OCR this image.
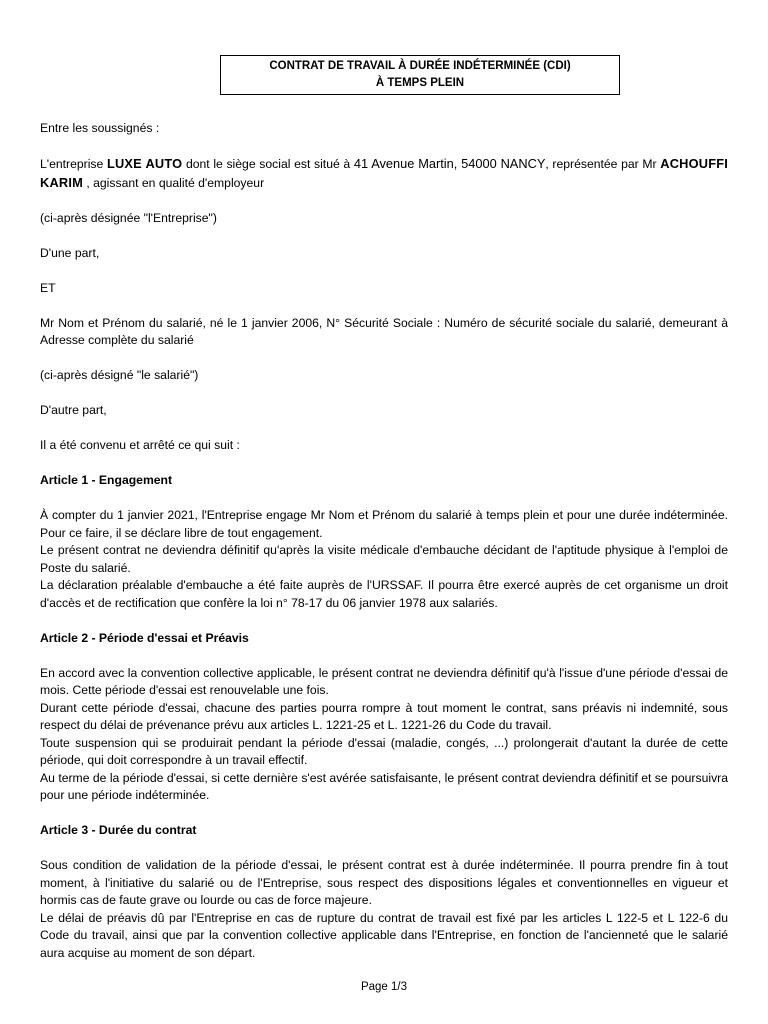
CONTRAT DE TRAVAIL À DURÉE INDÉTERMINÉE (CDI)
À TEMPS PLEIN

Entre les soussignés :

L'entreprise LUXE AUTO dont le siège social est situé à 41 Avenue Martin, 54000 NANCY, représentée par Mr ACHOUFFI KARIM , agissant en qualité d'employeur

(ci-après désignée "l'Entreprise")

D'une part,

ET

Mr Nom et Prénom du salarié, né le 1 janvier 2006, N° Sécurité Sociale : Numéro de sécurité sociale du salarié, demeurant à Adresse complète du salarié

(ci-après désigné "le salarié")

D'autre part,

Il a été convenu et arrêté ce qui suit :

Article 1 - Engagement

À compter du 1 janvier 2021, l'Entreprise engage Mr Nom et Prénom du salarié à temps plein et pour une durée indéterminée. Pour ce faire, il se déclare libre de tout engagement.

Le présent contrat ne deviendra définitif qu'après la visite médicale d'embauche décidant de l'aptitude physique à l'emploi de Poste du salarié.

La déclaration préalable d'embauche a été faite auprès de l'URSSAF. Il pourra être exercé auprès de cet organisme un droit d'accès et de rectification que confère la loi n° 78-17 du 06 janvier 1978 aux salariés.

Article 2 - Période d'essai et Préavis

En accord avec la convention collective applicable, le présent contrat ne deviendra définitif qu'à l'issue d'une période d'essai de mois. Cette période d'essai est renouvelable une fois.

Durant cette période d'essai, chacune des parties pourra rompre à tout moment le contrat, sans préavis ni indemnité, sous respect du délai de prévenance prévu aux articles L. 1221-25 et L. 1221-26 du Code du travail.

Toute suspension qui se produirait pendant la période d'essai (maladie, congés, ...) prolongerait d'autant la durée de cette période, qui doit correspondre à un travail effectif.

Au terme de la période d'essai, si cette dernière s'est avérée satisfaisante, le présent contrat deviendra définitif et se poursuivra pour une période indéterminée.

Article 3 - Durée du contrat

Sous condition de validation de la période d'essai, le présent contrat est à durée indéterminée. Il pourra prendre fin à tout moment, à l'initiative du salarié ou de l'Entreprise, sous respect des dispositions légales et conventionnelles en vigueur et hormis cas de faute grave ou lourde ou cas de force majeure.

Le délai de préavis dû par l'Entreprise en cas de rupture du contrat de travail est fixé par les articles L 122-5 et L 122-6 du Code du travail, ainsi que par la convention collective applicable dans l'Entreprise, en fonction de l'ancienneté que le salarié aura acquise au moment de son départ.

Page 1/3
